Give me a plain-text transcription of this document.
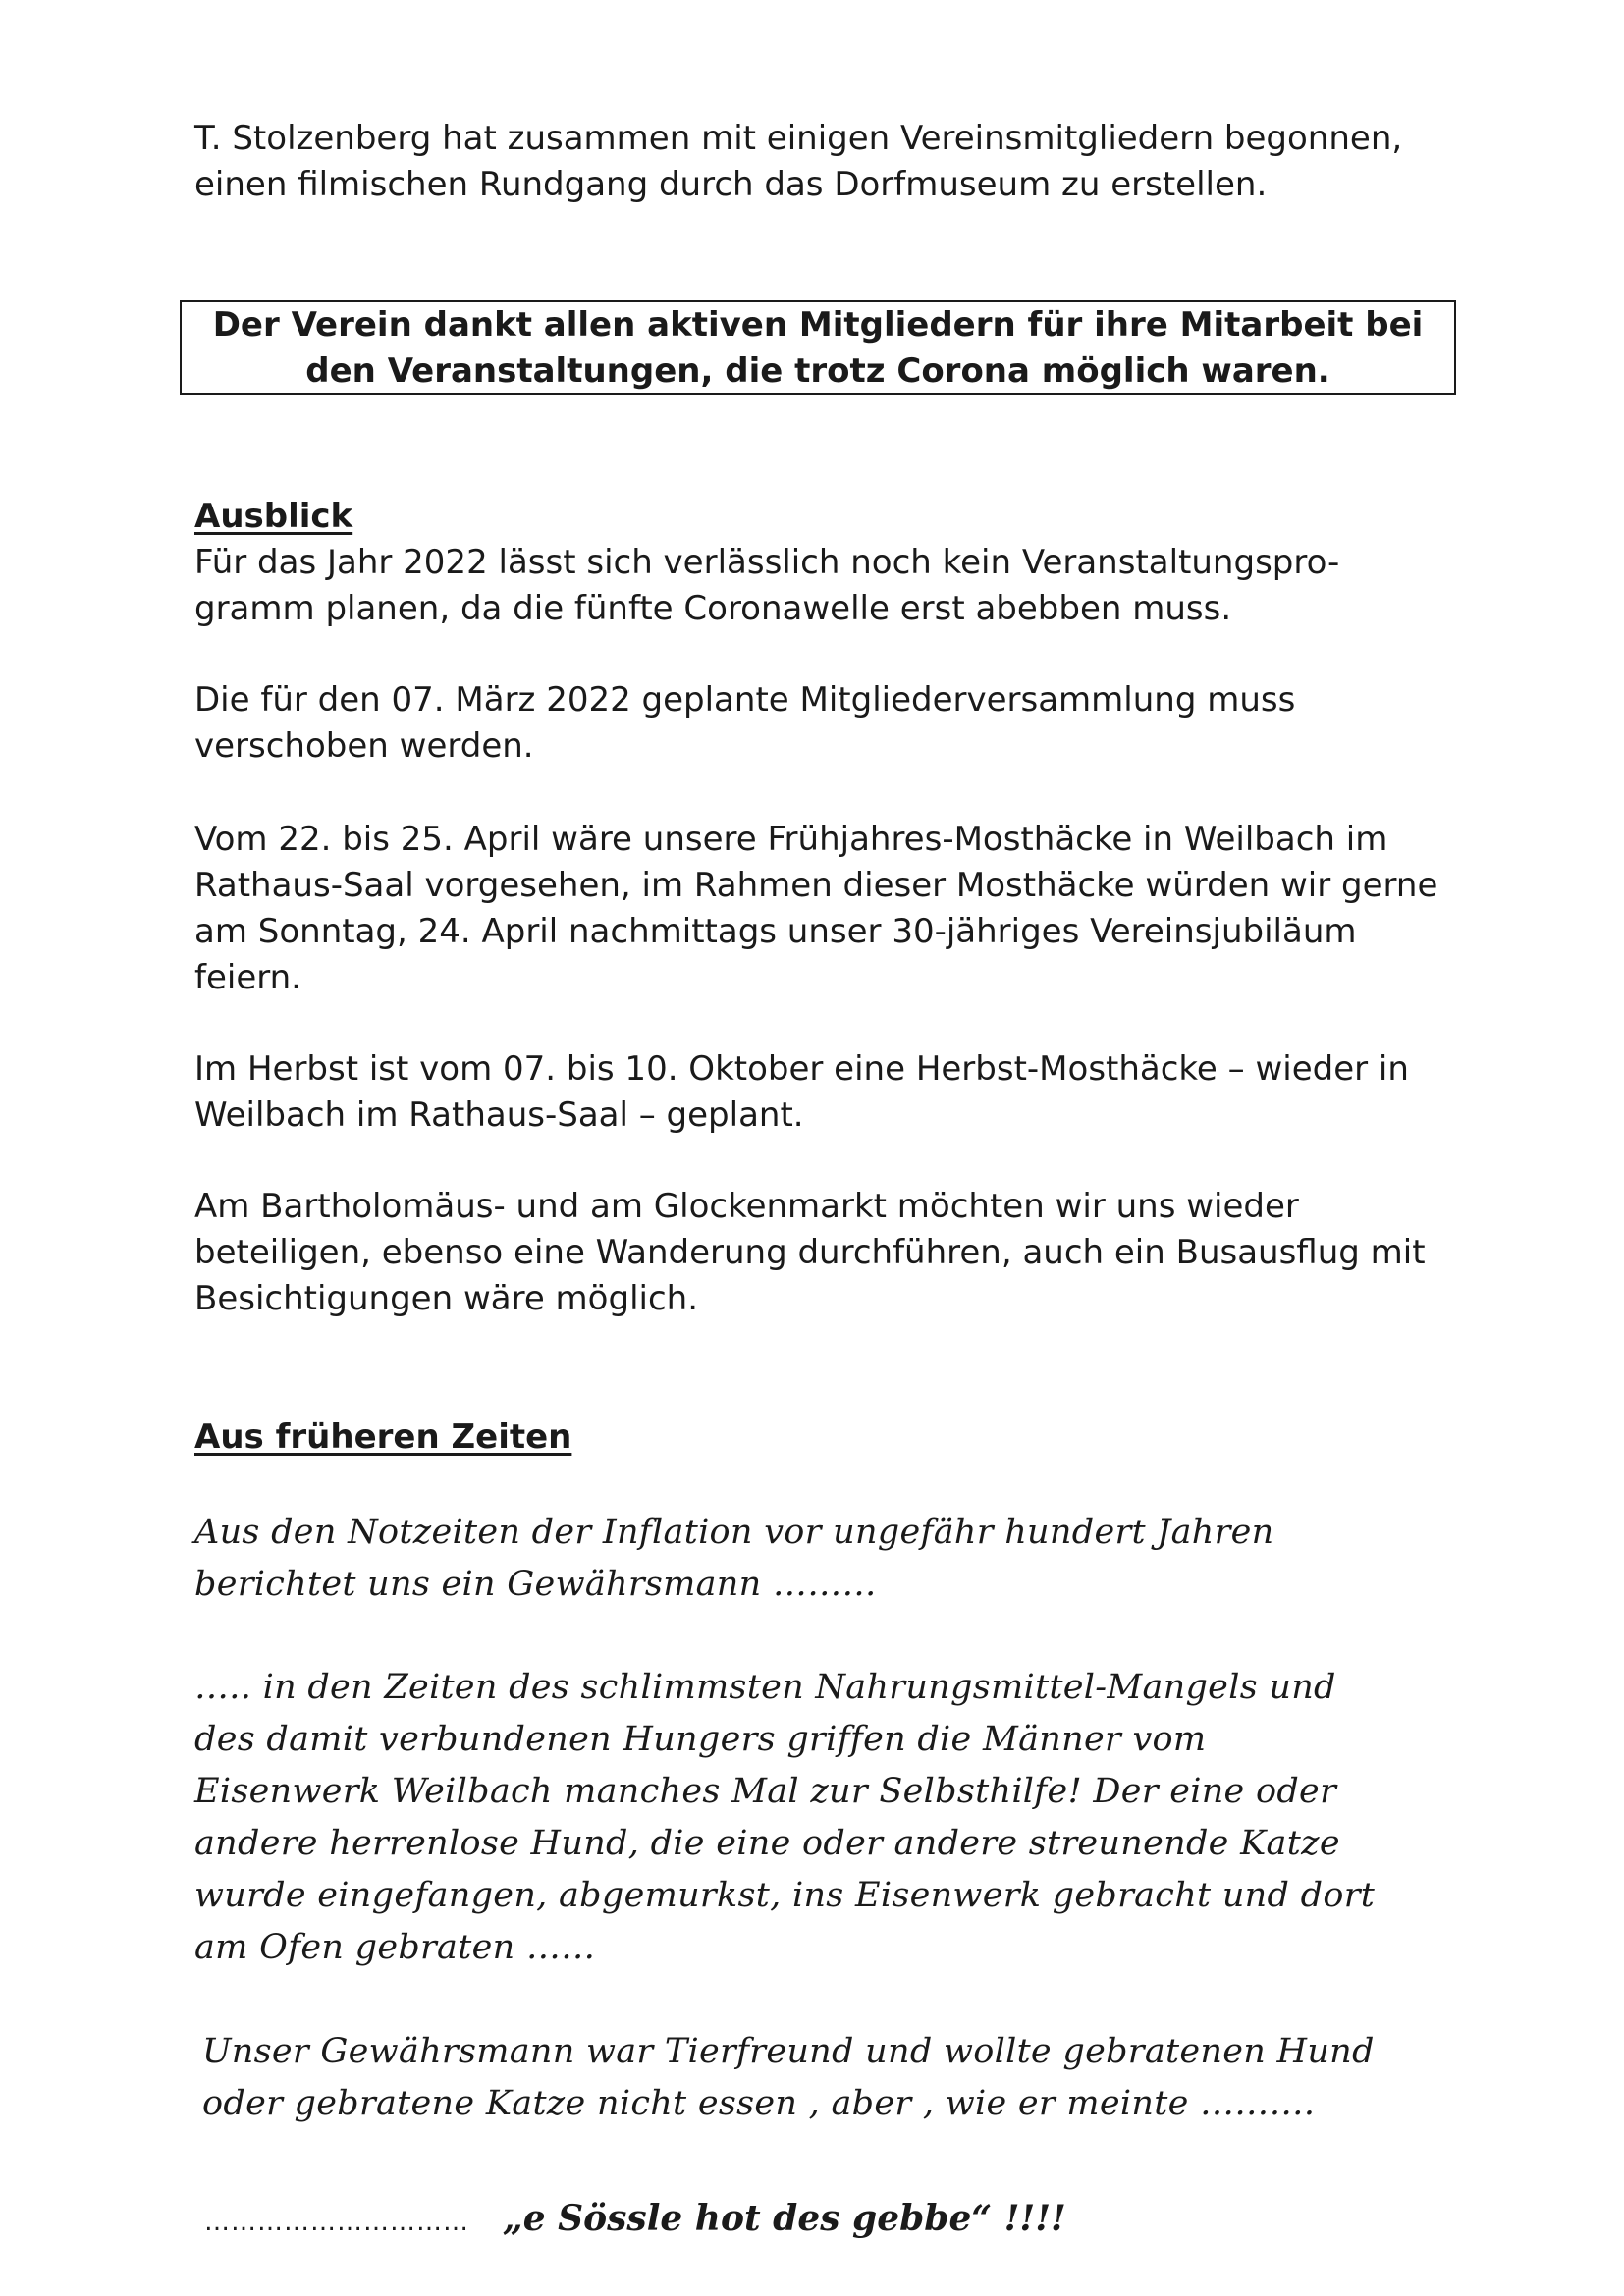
T. Stolzenberg hat zusammen mit einigen Vereinsmitgliedern begonnen,
einen filmischen Rundgang durch das Dorfmuseum zu erstellen.
Der Verein dankt allen aktiven Mitgliedern für ihre Mitarbeit bei
den Veranstaltungen, die trotz Corona möglich waren.
Ausblick
Für das Jahr 2022 lässt sich verlässlich noch kein Veranstaltungspro-
gramm planen, da die fünfte Coronawelle erst abebben muss.
Die für den 07. März 2022 geplante Mitgliederversammlung muss
verschoben werden.
Vom 22. bis 25. April wäre unsere Frühjahres-Mosthäcke in Weilbach im
Rathaus-Saal vorgesehen, im Rahmen dieser Mosthäcke würden wir gerne
am Sonntag, 24. April nachmittags unser 30-jähriges Vereinsjubiläum
feiern.
Im Herbst ist vom 07. bis 10. Oktober eine Herbst-Mosthäcke – wieder in
Weilbach im Rathaus-Saal – geplant.
Am Bartholomäus- und am Glockenmarkt möchten wir uns wieder
beteiligen, ebenso eine Wanderung durchführen, auch ein Busausflug mit
Besichtigungen wäre möglich.
Aus früheren Zeiten
Aus den Notzeiten der Inflation vor ungefähr hundert Jahren
berichtet uns ein Gewährsmann ………
….. in den Zeiten des schlimmsten Nahrungsmittel-Mangels und
des damit verbundenen Hungers griffen die Männer vom
Eisenwerk Weilbach manches Mal zur Selbsthilfe! Der eine oder
andere herrenlose Hund, die eine oder andere streunende Katze
wurde eingefangen, abgemurkst, ins Eisenwerk gebracht und dort
am Ofen gebraten ……
Unser Gewährsmann war Tierfreund und wollte gebratenen Hund
oder gebratene Katze nicht essen , aber , wie er meinte ……….
………………………… „e Sössle hot des gebbe“ !!!!
